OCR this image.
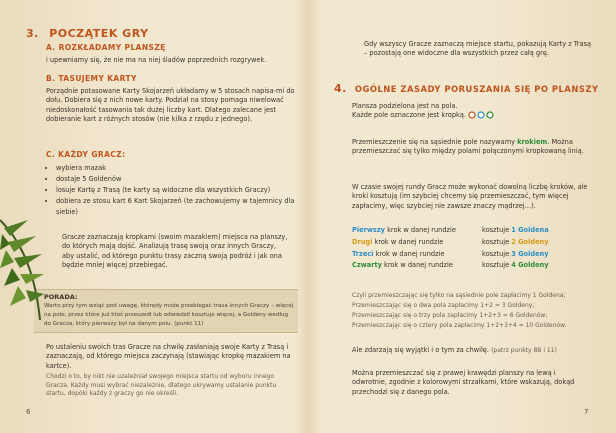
3. POCZĄTEK GRY
A. ROZKŁADAMY PLANSZĘ
i upewniamy się, że nie ma na niej śladów poprzednich rozgrywek.
B. TASUJEMY KARTY
Porządnie potasowane Karty Skojarzeń układamy w 5 stosach napisa-mi do dołu. Dobiera się z nich nowe karty. Podział na stosy pomaga niwelować niedoskonałość tasowania tak dużej liczby kart. Dlatego zalecane jest dobieranie kart z różnych stosów (nie kilka z rzędu z jednego).
C. KAŻDY GRACZ:
• wybiera mazak
• dostaje 5 Goldenów
• losuje Kartę z Trasą (te karty są widoczne dla wszystkich Graczy)
• dobiera ze stosu kart 6 Kart Skojarzeń (te zachowujemy w tajemnicy dla siebie)
Gracze zaznaczają kropkami (swoim mazakiem) miejsca na planszy, do których mają dojść. Analizują trasę swoją oraz innych Graczy, aby ustalić, od którego punktu trasy zaczną swoją podróż i jak ona będzie mniej więcej przebiegać.
PORADA:
Warto przy tym wziąć pod uwagę, którędy może przebiegać trasa innych Graczy – więcej na pole, przez które już ktoś przeszedł lub odwiedził kosztuje więcej, a Goldeny według do Gracza, który pierwszy był na danym polu. (punkt 11)
Po ustaleniu swoich tras Gracze na chwilę zasłaniają swoje Karty z Trasą i zaznaczają, od którego miejsca zaczynają (stawiając kropkę mazakiem na kartce).
Chodzi o to, by nikt nie uzależniał swojego miejsca startu od wyboru innego Gracza. Każdy musi wybrać niezależnie, dlatego ukrywamy ustalanie punktu startu, dopóki każdy z graczy go nie określi.
6
Gdy wszyscy Gracze zaznaczą miejsce startu, pokazują Karty z Trasą – pozostają one widoczne dla wszystkich przez całą grę.
4. OGÓLNE ZASADY PORUSZANIA SIĘ PO PLANSZY
Plansza podzielona jest na pola.
Każde pole oznaczone jest kropką.
Przemieszczenie się na sąsiednie pole nazywamy krokiem. Można przemieszczać się tylko między polami połączonymi kropkowaną linią.
W czasie swojej rundy Gracz może wykonać dowolną liczbę kroków, ale kroki kosztują (im szybciej chcemy się przemieszczać, tym więcej zapłacimy, więc szybciej nie zawsze znaczy mądrzej…).
Pierwszy krok w danej rundzie	kosztuje 1 Goldena
Drugi krok w danej rundzie	kosztuje 2 Goldeny
Trzeci krok w danej rundzie	kosztuje 3 Goldeny
Czwarty krok w danej rundzie	kosztuje 4 Goldeny
Czyli przemieszczając się tylko na sąsiednie pole zapłacimy 1 Goldena;
Przemieszczając się o dwa pola zapłacimy 1+2 = 3 Goldeny;
Przemieszczając się o trzy pola zapłacimy 1+2+3 = 6 Goldenów;
Przemieszczając się o cztery pola zapłacimy 1+2+3+4 = 10 Goldenów.
Ale zdarzają się wyjątki i o tym za chwilę. (patrz punkty 8B i 11)
Można przemieszczać się z prawej krawędzi planszy na lewą i odwrotnie, zgodnie z kolorowymi strzałkami, które wskazują, dokąd przechodzi się z danego pola.
7
